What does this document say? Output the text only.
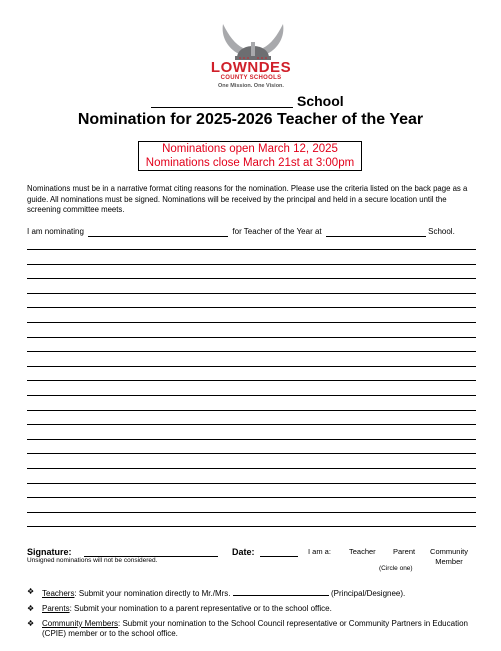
LOWNDES
COUNTY SCHOOLS
One Mission. One Vision.
School
Nomination for 2025-2026 Teacher of the Year
Nominations open March 12, 2025
Nominations close March 21st at 3:00pm
Nominations must be in a narrative format citing reasons for the nomination. Please use the criteria listed on the back page as a guide. All nominations must be signed. Nominations will be received by the principal and held in a secure location until the screening committee meets.
I am nominating	for Teacher of the Year at	School.
Signature:
Unsigned nominations will not be considered.
Date:	I am a: Teacher Parent	Community
Member
(Circle one)
❖ Teachers: Submit your nomination directly to Mr./Mrs.	(Principal/Designee).
❖ Parents: Submit your nomination to a parent representative or to the school office.
❖ Community Members: Submit your nomination to the School Council representative or Community Partners in Education (CPIE) member or to the school office.
